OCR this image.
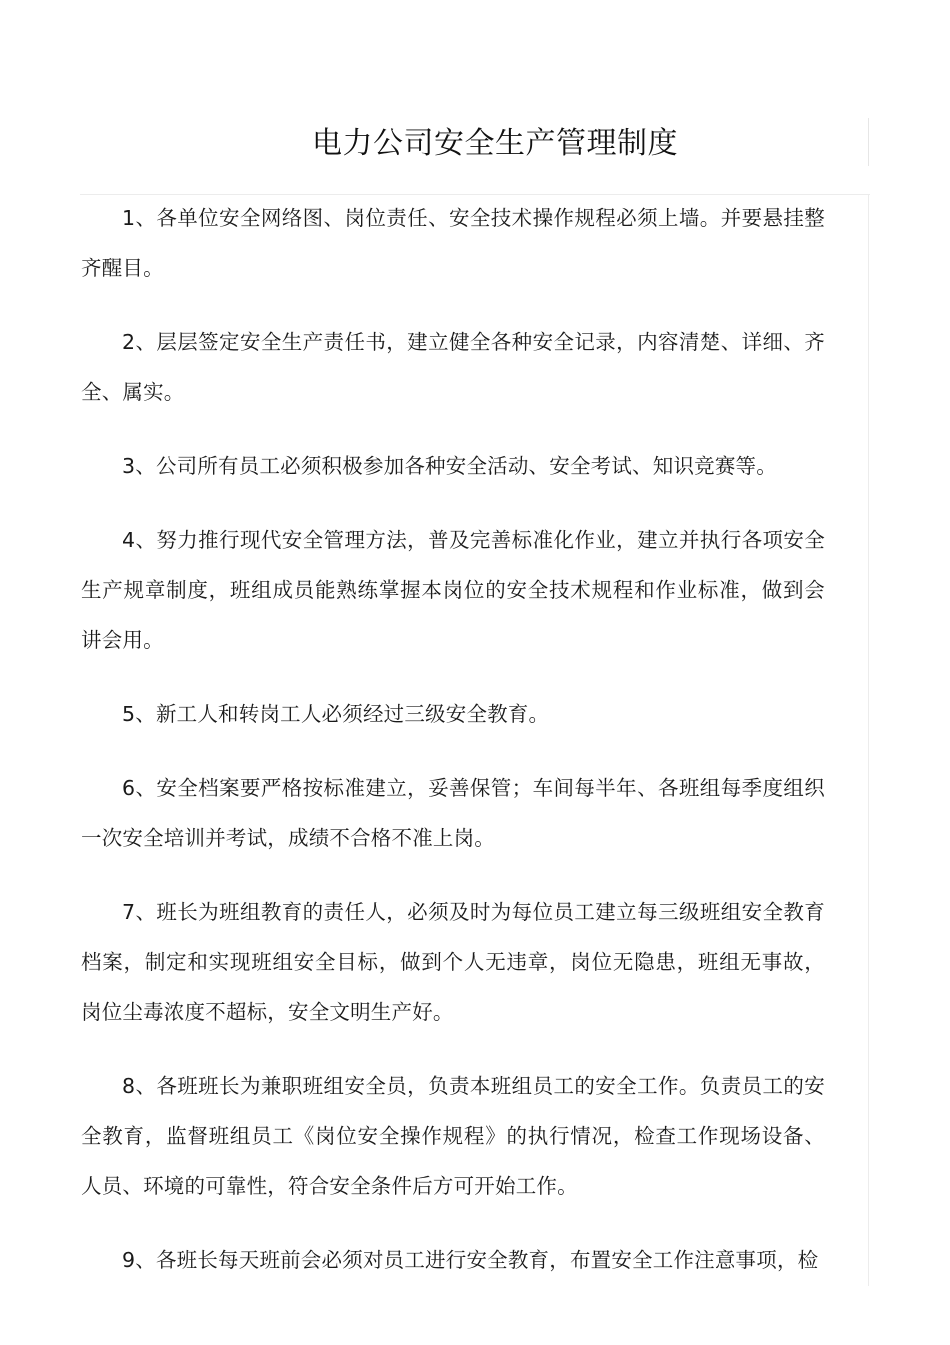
电力公司安全生产管理制度

1、各单位安全网络图、岗位责任、安全技术操作规程必须上墙。并要悬挂整齐醒目。

2、层层签定安全生产责任书，建立健全各种安全记录，内容清楚、详细、齐全、属实。

3、公司所有员工必须积极参加各种安全活动、安全考试、知识竞赛等。

4、努力推行现代安全管理方法，普及完善标准化作业，建立并执行各项安全生产规章制度，班组成员能熟练掌握本岗位的安全技术规程和作业标准，做到会讲会用。

5、新工人和转岗工人必须经过三级安全教育。

6、安全档案要严格按标准建立，妥善保管；车间每半年、各班组每季度组织一次安全培训并考试，成绩不合格不准上岗。

7、班长为班组教育的责任人，必须及时为每位员工建立每三级班组安全教育档案，制定和实现班组安全目标，做到个人无违章，岗位无隐患，班组无事故，岗位尘毒浓度不超标，安全文明生产好。

8、各班班长为兼职班组安全员，负责本班组员工的安全工作。负责员工的安全教育，监督班组员工《岗位安全操作规程》的执行情况，检查工作现场设备、人员、环境的可靠性，符合安全条件后方可开始工作。

9、各班长每天班前会必须对员工进行安全教育，布置安全工作注意事项，检
